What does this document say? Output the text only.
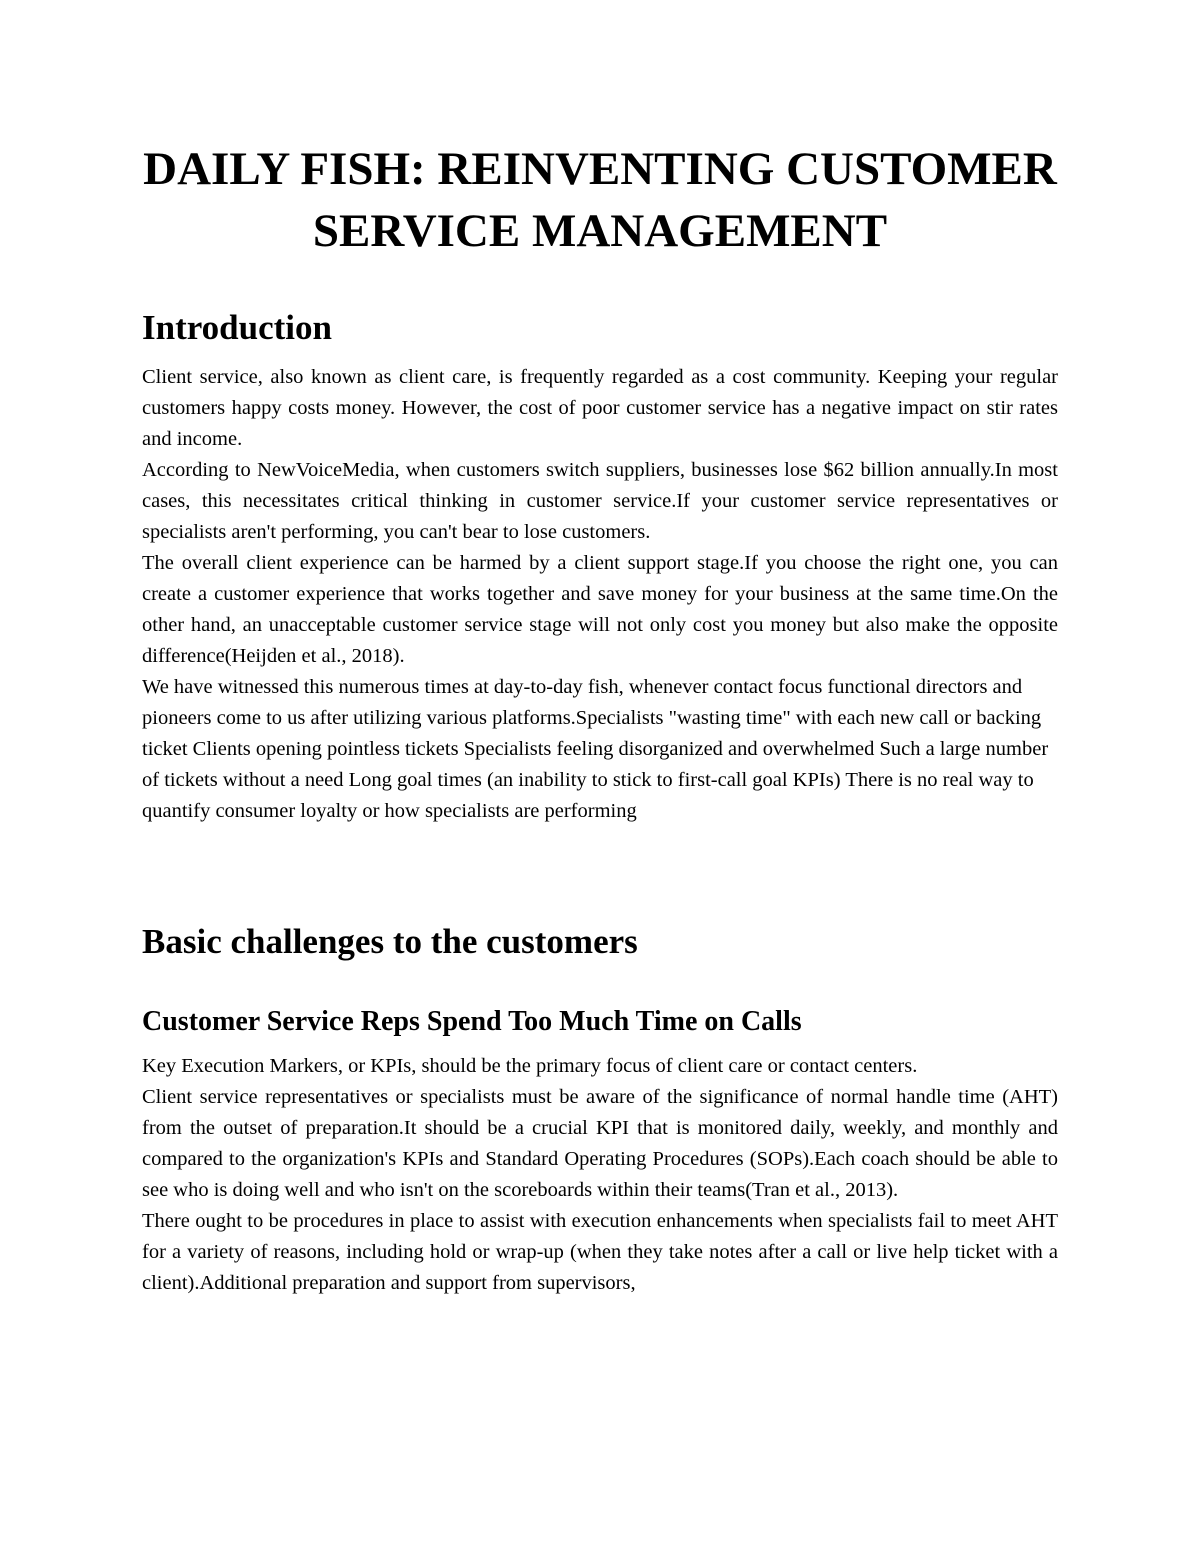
DAILY FISH: REINVENTING CUSTOMER SERVICE MANAGEMENT
Introduction

Client service, also known as client care, is frequently regarded as a cost community. Keeping your regular customers happy costs money. However, the cost of poor customer service has a negative impact on stir rates and income.

According to NewVoiceMedia, when customers switch suppliers, businesses lose $62 billion annually.In most cases, this necessitates critical thinking in customer service.If your customer service representatives or specialists aren't performing, you can't bear to lose customers.

The overall client experience can be harmed by a client support stage.If you choose the right one, you can create a customer experience that works together and save money for your business at the same time.On the other hand, an unacceptable customer service stage will not only cost you money but also make the opposite difference(Heijden et al., 2018).

We have witnessed this numerous times at day-to-day fish, whenever contact focus functional directors and pioneers come to us after utilizing various platforms.Specialists "wasting time" with each new call or backing ticket Clients opening pointless tickets Specialists feeling disorganized and overwhelmed Such a large number of tickets without a need Long goal times (an inability to stick to first-call goal KPIs) There is no real way to quantify consumer loyalty or how specialists are performing

Basic challenges to the customers
Customer Service Reps Spend Too Much Time on Calls

Key Execution Markers, or KPIs, should be the primary focus of client care or contact centers.

Client service representatives or specialists must be aware of the significance of normal handle time (AHT) from the outset of preparation.It should be a crucial KPI that is monitored daily, weekly, and monthly and compared to the organization's KPIs and Standard Operating Procedures (SOPs).Each coach should be able to see who is doing well and who isn't on the scoreboards within their teams(Tran et al., 2013).

There ought to be procedures in place to assist with execution enhancements when specialists fail to meet AHT for a variety of reasons, including hold or wrap-up (when they take notes after a call or live help ticket with a client).Additional preparation and support from supervisors,
